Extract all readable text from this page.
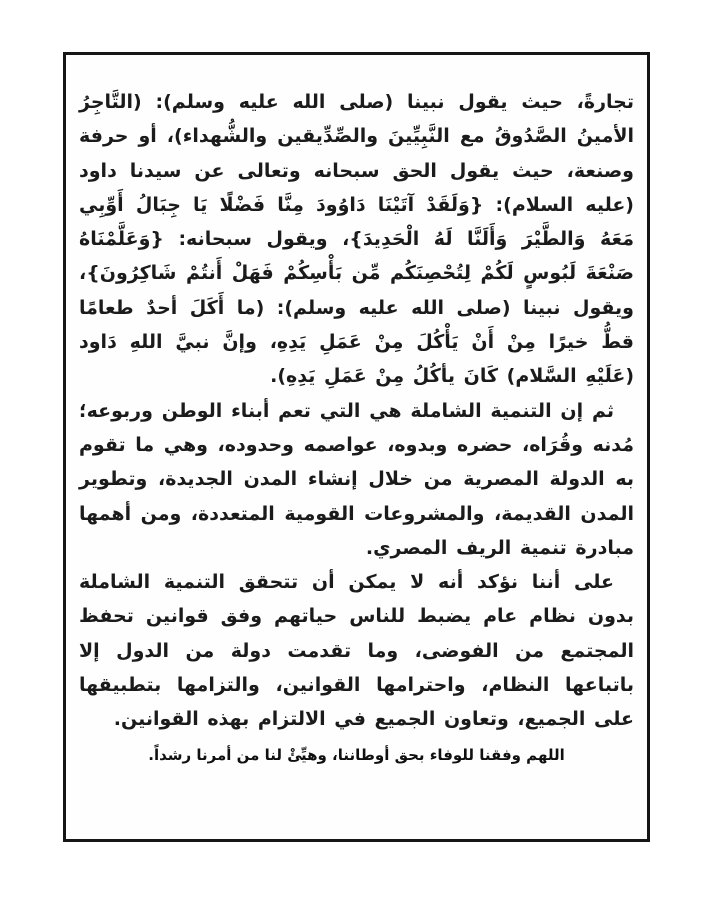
تجارةً، حيث يقول نبينا (صلى الله عليه وسلم): (التَّاجِرُ الأمينُ الصَّدُوقُ مع النَّبِيِّينَ والصِّدِّيقين والشُّهداء)، أو حرفة وصنعة، حيث يقول الحق سبحانه وتعالى عن سيدنا داود (عليه السلام): {وَلَقَدْ آتَيْنَا دَاوُودَ مِنَّا فَضْلًا يَا جِبَالُ أَوِّبِي مَعَهُ وَالطَّيْرَ وَأَلَنَّا لَهُ الْحَدِيدَ}، ويقول سبحانه: {وَعَلَّمْنَاهُ صَنْعَةَ لَبُوسٍ لَكُمْ لِتُحْصِنَكُم مِّن بَأْسِكُمْ فَهَلْ أَنتُمْ شَاكِرُونَ}، ويقول نبينا (صلى الله عليه وسلم): (ما أَكَلَ أحدٌ طعامًا قطُّ خيرًا مِنْ أَنْ يَأْكُلَ مِنْ عَمَلِ يَدِهِ، وإنَّ نبيَّ اللهِ دَاود (عَلَيْهِ السَّلام) كَانَ يأكُلُ مِنْ عَمَلِ يَدِهِ).

ثم إن التنمية الشاملة هي التي تعم أبناء الوطن وربوعه؛ مُدنه وقُرَاه، حضره وبدوه، عواصمه وحدوده، وهي ما تقوم به الدولة المصرية من خلال إنشاء المدن الجديدة، وتطوير المدن القديمة، والمشروعات القومية المتعددة، ومن أهمها مبادرة تنمية الريف المصري.

على أننا نؤكد أنه لا يمكن أن تتحقق التنمية الشاملة بدون نظام عام يضبط للناس حياتهم وفق قوانين تحفظ المجتمع من الفوضى، وما تقدمت دولة من الدول إلا باتباعها النظام، واحترامها القوانين، والتزامها بتطبيقها على الجميع، وتعاون الجميع في الالتزام بهذه القوانين.

اللهم وفقنا للوفاء بحق أوطاننا، وهيِّئْ لنا من أمرنا رشداً.
